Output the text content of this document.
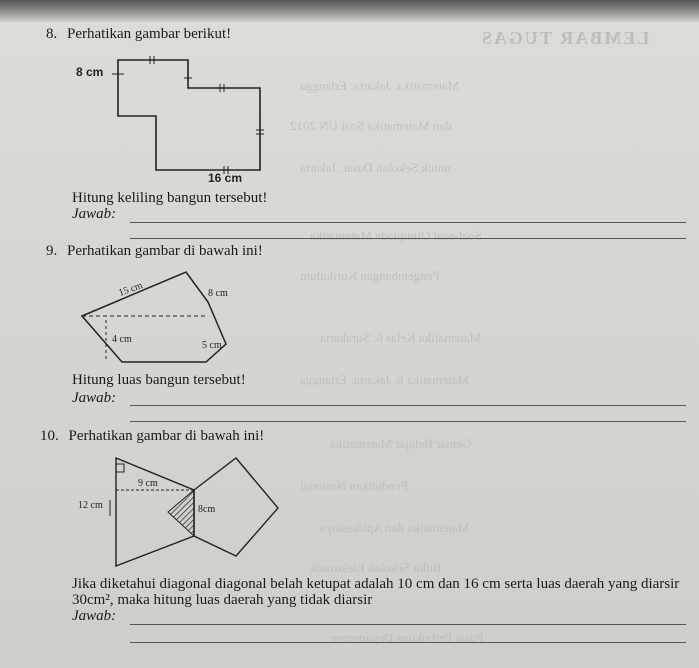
LEMBAR TUGAS
Matematika. Jakarta: Erlangga
dan Matematika Soal UN 2012
untuk Sekolah Dasar. Jakarta
Soal-soal Olimpiade Matematika
Pengembangan Kurikulum
Matematika Kelas 6. Surakarta
Matematika 6. Jakarta: Erlangga
Gemar Belajar Matematika
Pendidikan Nasional
Matematika dan Aplikasinya
Buku Sekolah Elektronik
Pusat Perbukuan Departemen
8. Perhatikan gambar berikut!
8 cm
16 cm
Hitung keliling bangun tersebut!
Jawab:
9. Perhatikan gambar di bawah ini!
15 cm	8 cm
4 cm
5 cm
Hitung luas bangun tersebut!
Jawab:
10. Perhatikan gambar di bawah ini!
9 cm
12 cm	8cm
Jika diketahui diagonal diagonal belah ketupat adalah 10 cm dan 16 cm serta luas daerah yang diarsir
30cm², maka hitung luas daerah yang tidak diarsir
Jawab:
